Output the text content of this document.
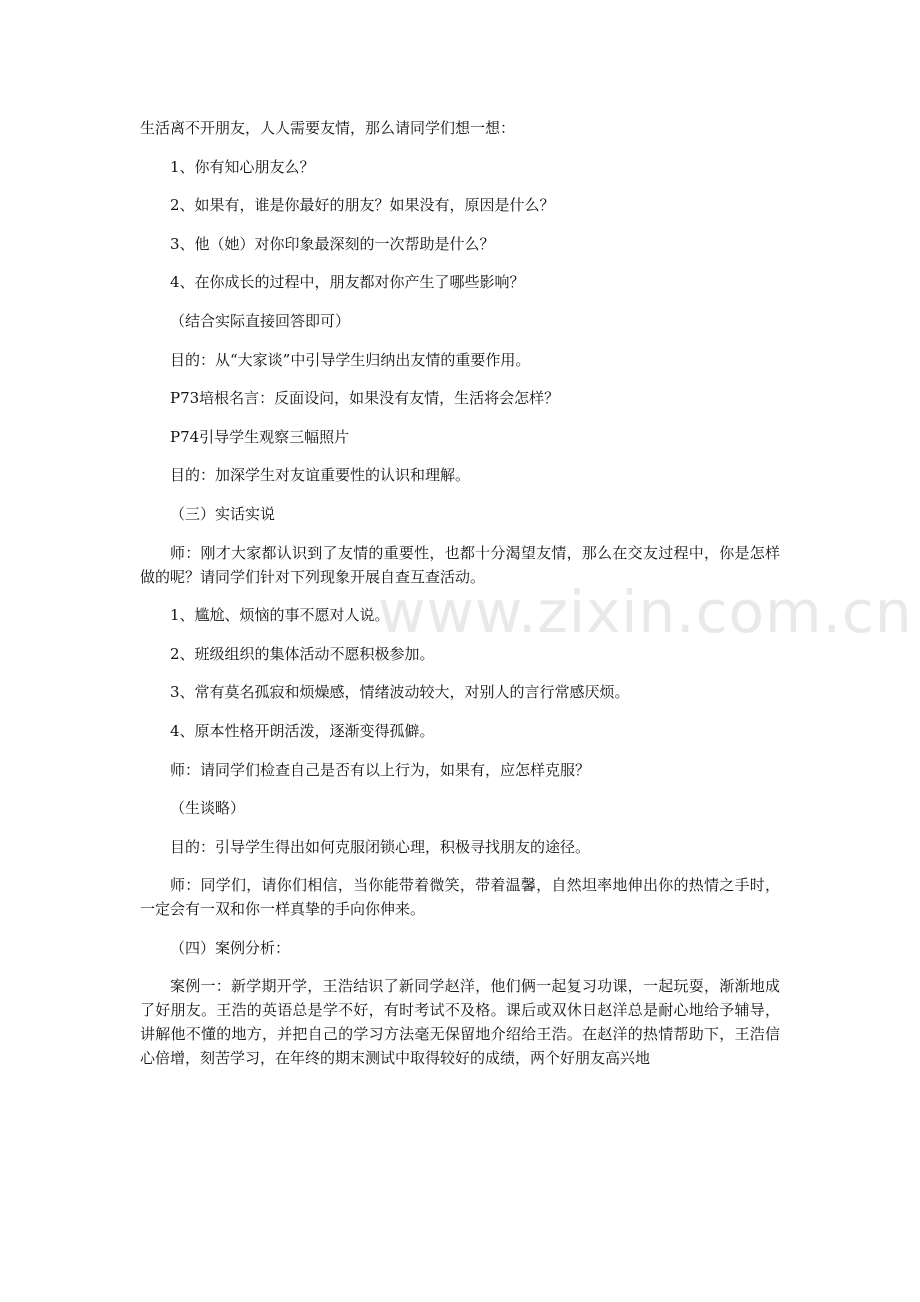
www.zixin.com.cn

生活离不开朋友，人人需要友情，那么请同学们想一想：

1、你有知心朋友么？

2、如果有，谁是你最好的朋友？如果没有，原因是什么？

3、他（她）对你印象最深刻的一次帮助是什么？

4、在你成长的过程中，朋友都对你产生了哪些影响？

（结合实际直接回答即可）

目的：从“大家谈”中引导学生归纳出友情的重要作用。

P73培根名言：反面设问，如果没有友情，生活将会怎样？

P74引导学生观察三幅照片

目的：加深学生对友谊重要性的认识和理解。

（三）实话实说

师：刚才大家都认识到了友情的重要性，也都十分渴望友情，那么在交友过程中，你是怎样做的呢？请同学们针对下列现象开展自查互查活动。

1、尴尬、烦恼的事不愿对人说。

2、班级组织的集体活动不愿积极参加。

3、常有莫名孤寂和烦燥感，情绪波动较大，对别人的言行常感厌烦。

4、原本性格开朗活泼，逐渐变得孤僻。

师：请同学们检查自己是否有以上行为，如果有，应怎样克服？

（生谈略）

目的：引导学生得出如何克服闭锁心理，积极寻找朋友的途径。

师：同学们，请你们相信，当你能带着微笑，带着温馨，自然坦率地伸出你的热情之手时，一定会有一双和你一样真挚的手向你伸来。

（四）案例分析：

案例一：新学期开学，王浩结识了新同学赵洋，他们俩一起复习功课，一起玩耍，渐渐地成了好朋友。王浩的英语总是学不好，有时考试不及格。课后或双休日赵洋总是耐心地给予辅导，讲解他不懂的地方，并把自己的学习方法毫无保留地介绍给王浩。在赵洋的热情帮助下，王浩信心倍增，刻苦学习，在年终的期末测试中取得较好的成绩，两个好朋友高兴地
